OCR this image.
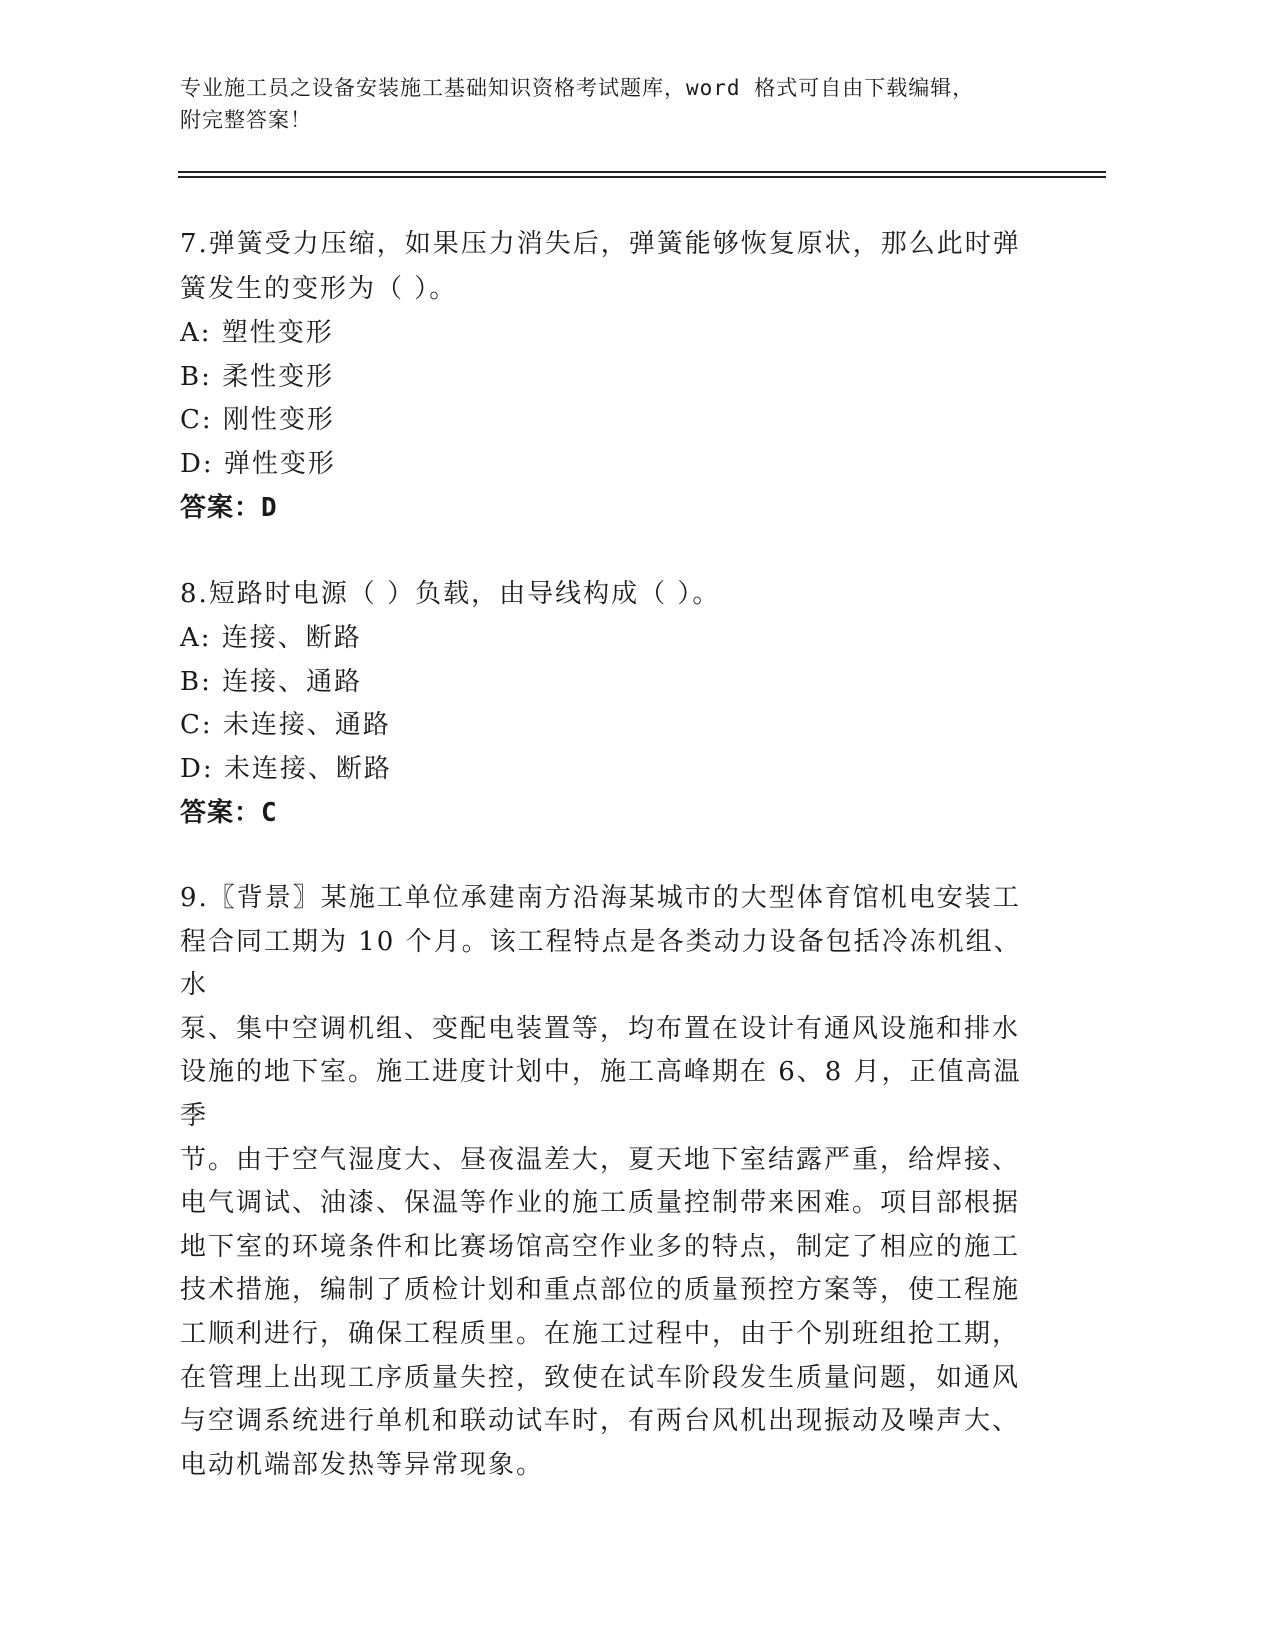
专业施工员之设备安装施工基础知识资格考试题库，word 格式可自由下载编辑，
附完整答案！
7.弹簧受力压缩，如果压力消失后，弹簧能够恢复原状，那么此时弹
簧发生的变形为（ ）。
A: 塑性变形
B: 柔性变形
C: 刚性变形
D: 弹性变形
答案：D
8.短路时电源（ ）负载，由导线构成（ ）。
A: 连接、断路
B: 连接、通路
C: 未连接、通路
D: 未连接、断路
答案：C
9.〖背景〗某施工单位承建南方沿海某城市的大型体育馆机电安装工
程合同工期为 10 个月。该工程特点是各类动力设备包括冷冻机组、水
泵、集中空调机组、变配电装置等，均布置在设计有通风设施和排水
设施的地下室。施工进度计划中，施工高峰期在 6、8 月，正值高温季
节。由于空气湿度大、昼夜温差大，夏天地下室结露严重，给焊接、
电气调试、油漆、保温等作业的施工质量控制带来困难。项目部根据
地下室的环境条件和比赛场馆高空作业多的特点，制定了相应的施工
技术措施，编制了质检计划和重点部位的质量预控方案等，使工程施
工顺利进行，确保工程质里。在施工过程中，由于个别班组抢工期，
在管理上出现工序质量失控，致使在试车阶段发生质量问题，如通风
与空调系统进行单机和联动试车时，有两台风机出现振动及噪声大、
电动机端部发热等异常现象。
